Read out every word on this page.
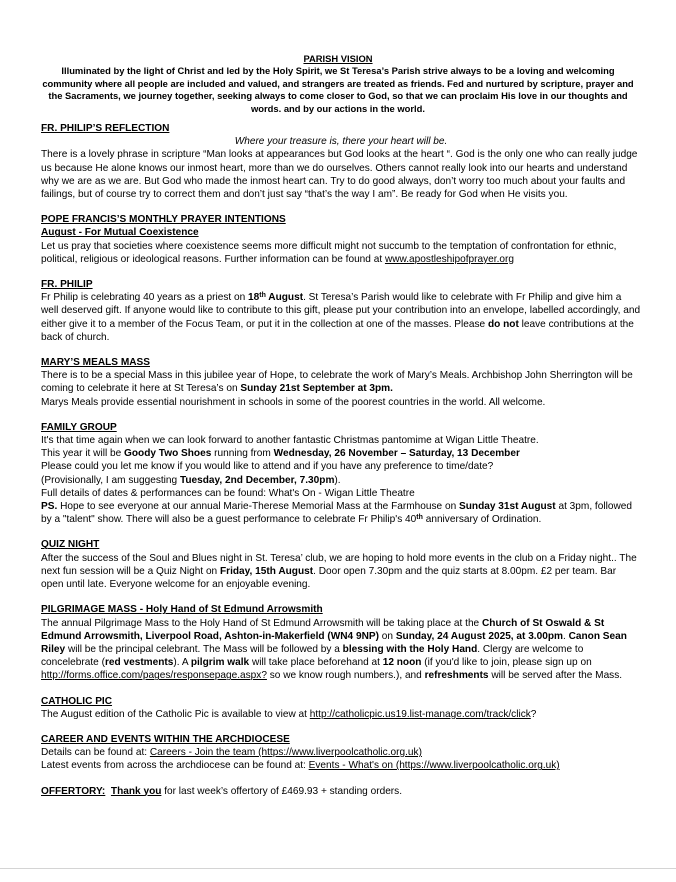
PARISH VISION
Illuminated by the light of Christ and led by the Holy Spirit, we St Teresa’s Parish strive always to be a loving and welcoming community where all people are included and valued, and strangers are treated as friends. Fed and nurtured by scripture, prayer and the Sacraments, we journey together, seeking always to come closer to God, so that we can proclaim His love in our thoughts and words. and by our actions in the world.
FR. PHILIP’S REFLECTION
Where your treasure is, there your heart will be.

There is a lovely phrase in scripture “Man looks at appearances but God looks at the heart “. God is the only one who can really judge us because He alone knows our inmost heart, more than we do ourselves. Others cannot really look into our hearts and understand why we are as we are. But God who made the inmost heart can. Try to do good always, don’t worry too much about your faults and failings, but of course try to correct them and don’t just say “that’s the way I am”. Be ready for God when He visits you.

POPE FRANCIS’S MONTHLY PRAYER INTENTIONS
August - For Mutual Coexistence

Let us pray that societies where coexistence seems more difficult might not succumb to the temptation of confrontation for ethnic, political, religious or ideological reasons. Further information can be found at www.apostleshipofprayer.org

FR. PHILIP

Fr Philip is celebrating 40 years as a priest on 18th August. St Teresa’s Parish would like to celebrate with Fr Philip and give him a well deserved gift. If anyone would like to contribute to this gift, please put your contribution into an envelope, labelled accordingly, and either give it to a member of the Focus Team, or put it in the collection at one of the masses. Please do not leave contributions at the back of church.

MARY’S MEALS MASS

There is to be a special Mass in this jubilee year of Hope, to celebrate the work of Mary’s Meals. Archbishop John Sherrington will be coming to celebrate it here at St Teresa’s on Sunday 21st September at 3pm.

Marys Meals provide essential nourishment in schools in some of the poorest countries in the world. All welcome.

FAMILY GROUP

It's that time again when we can look forward to another fantastic Christmas pantomime at Wigan Little Theatre.

This year it will be Goody Two Shoes running from Wednesday, 26 November – Saturday, 13 December

Please could you let me know if you would like to attend and if you have any preference to time/date?

(Provisionally, I am suggesting Tuesday, 2nd December, 7.30pm).

Full details of dates & performances can be found: What's On - Wigan Little Theatre

PS. Hope to see everyone at our annual Marie-Therese Memorial Mass at the Farmhouse on Sunday 31st August at 3pm, followed by a "talent" show. There will also be a guest performance to celebrate Fr Philip's 40th anniversary of Ordination.

QUIZ NIGHT

After the success of the Soul and Blues night in St. Teresa’ club, we are hoping to hold more events in the club on a Friday night.. The next fun session will be a Quiz Night on Friday, 15th August. Door open 7.30pm and the quiz starts at 8.00pm. £2 per team. Bar open until late. Everyone welcome for an enjoyable evening.

PILGRIMAGE MASS - Holy Hand of St Edmund Arrowsmith

The annual Pilgrimage Mass to the Holy Hand of St Edmund Arrowsmith will be taking place at the Church of St Oswald & St Edmund Arrowsmith, Liverpool Road, Ashton-in-Makerfield (WN4 9NP) on Sunday, 24 August 2025, at 3.00pm. Canon Sean Riley will be the principal celebrant. The Mass will be followed by a blessing with the Holy Hand. Clergy are welcome to concelebrate (red vestments). A pilgrim walk will take place beforehand at 12 noon (if you'd like to join, please sign up on http://forms.office.com/pages/responsepage.aspx? so we know rough numbers.), and refreshments will be served after the Mass.

CATHOLIC PIC

The August edition of the Catholic Pic is available to view at http://catholicpic.us19.list-manage.com/track/click?

CAREER AND EVENTS WITHIN THE ARCHDIOCESE

Details can be found at: Careers - Join the team (https://www.liverpoolcatholic.org.uk)

Latest events from across the archdiocese can be found at: Events - What's on (https://www.liverpoolcatholic.org.uk)

OFFERTORY: Thank you for last week’s offertory of £469.93 + standing orders.
